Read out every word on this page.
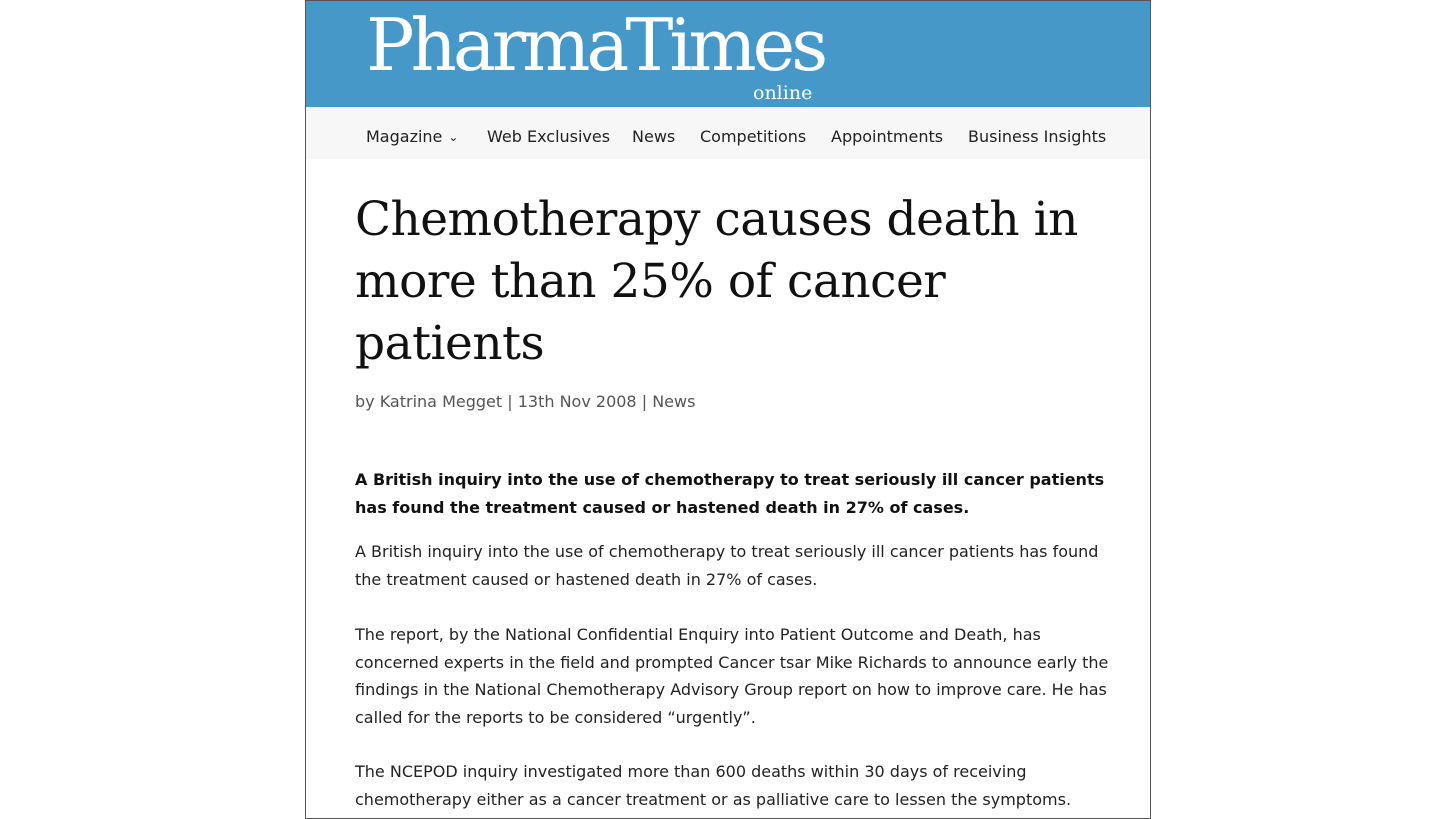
PharmaTimes
online
Magazine ⌄ Web Exclusives News Competitions Appointments Business Insights
Chemotherapy causes death in more than 25% of cancer patients
by Katrina Megget | 13th Nov 2008 | News

A British inquiry into the use of chemotherapy to treat seriously ill cancer patients has found the treatment caused or hastened death in 27% of cases.

A British inquiry into the use of chemotherapy to treat seriously ill cancer patients has found the treatment caused or hastened death in 27% of cases.

The report, by the National Confidential Enquiry into Patient Outcome and Death, has concerned experts in the field and prompted Cancer tsar Mike Richards to announce early the findings in the National Chemotherapy Advisory Group report on how to improve care. He has called for the reports to be considered “urgently”.

The NCEPOD inquiry investigated more than 600 deaths within 30 days of receiving chemotherapy either as a cancer treatment or as palliative care to lessen the symptoms.
